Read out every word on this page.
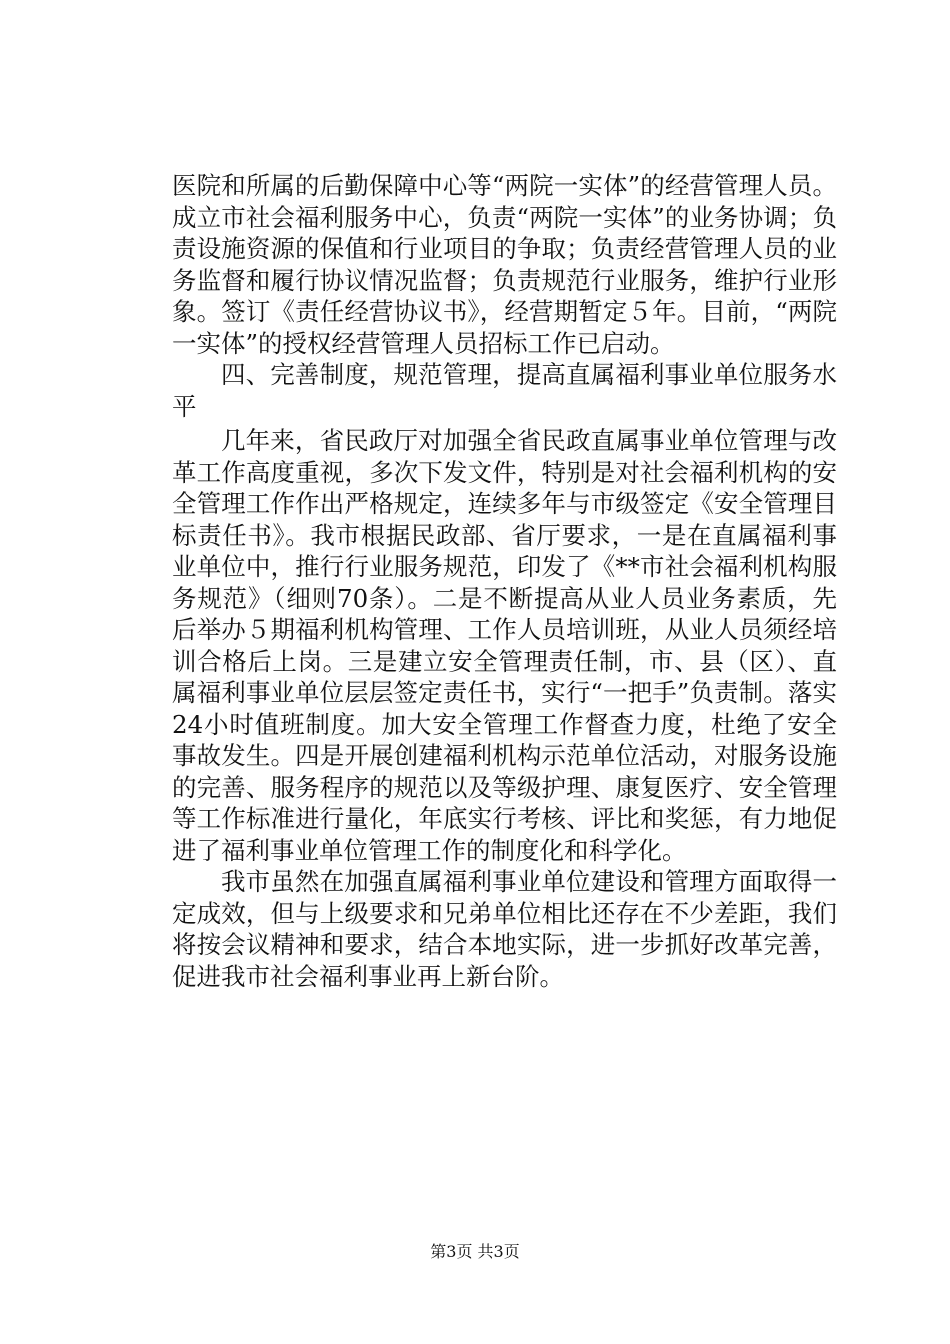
医院和所属的后勤保障中心等“两院一实体”的经营管理人员。成立市社会福利服务中心，负责“两院一实体”的业务协调；负责设施资源的保值和行业项目的争取；负责经营管理人员的业务监督和履行协议情况监督；负责规范行业服务，维护行业形象。签订《责任经营协议书》，经营期暂定５年。目前，“两院一实体”的授权经营管理人员招标工作已启动。

四、完善制度，规范管理，提高直属福利事业单位服务水平

几年来，省民政厅对加强全省民政直属事业单位管理与改革工作高度重视，多次下发文件，特别是对社会福利机构的安全管理工作作出严格规定，连续多年与市级签定《安全管理目标责任书》。我市根据民政部、省厅要求，一是在直属福利事业单位中，推行行业服务规范，印发了《**市社会福利机构服务规范》（细则70条）。二是不断提高从业人员业务素质，先后举办５期福利机构管理、工作人员培训班，从业人员须经培训合格后上岗。三是建立安全管理责任制，市、县（区）、直属福利事业单位层层签定责任书，实行“一把手”负责制。落实24小时值班制度。加大安全管理工作督查力度，杜绝了安全事故发生。四是开展创建福利机构示范单位活动，对服务设施的完善、服务程序的规范以及等级护理、康复医疗、安全管理等工作标准进行量化，年底实行考核、评比和奖惩，有力地促进了福利事业单位管理工作的制度化和科学化。

我市虽然在加强直属福利事业单位建设和管理方面取得一定成效，但与上级要求和兄弟单位相比还存在不少差距，我们将按会议精神和要求，结合本地实际，进一步抓好改革完善，促进我市社会福利事业再上新台阶。

第3页 共3页
